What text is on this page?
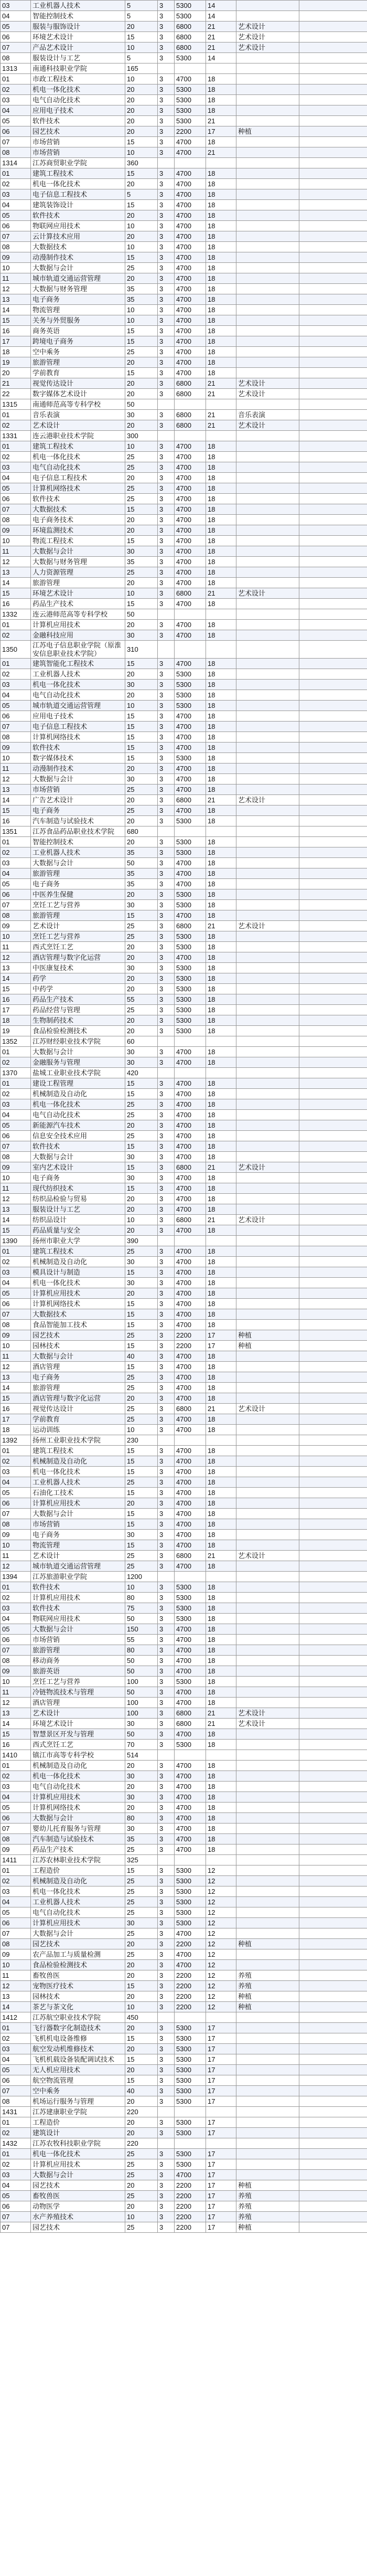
03	工业机器人技术	5	3	5300	14		
04	智能控制技术	5	3	5300	14		
05	服装与服饰设计	20	3	6800	21	艺术设计	
06	环境艺术设计	15	3	6800	21	艺术设计	
07	产品艺术设计	10	3	6800	21	艺术设计	
08	服装设计与工艺	5	3	5300	14		
1313	南通科技职业学院	165					
01	市政工程技术	10	3	4700	18		
02	机电一体化技术	20	3	5300	18		
03	电气自动化技术	20	3	5300	18		
04	应用电子技术	20	3	5300	18		
05	软件技术	20	3	5300	21		
06	园艺技术	20	3	2200	17	种植	
07	市场营销	15	3	4700	18		
08	市场营销	10	3	4700	21		
1314	江苏商贸职业学院	360					
01	建筑工程技术	15	3	4700	18		
02	机电一体化技术	20	3	4700	18		
03	电子信息工程技术	5	3	4700	18		
04	建筑装饰设计	15	3	4700	18		
05	软件技术	20	3	4700	18		
06	物联网应用技术	10	3	4700	18		
07	云计算技术应用	20	3	4700	18		
08	大数据技术	10	3	4700	18		
09	动漫制作技术	15	3	4700	18		
10	大数据与会计	25	3	4700	18		
11	城市轨道交通运营管理	20	3	4700	18		
12	大数据与财务管理	35	3	4700	18		
13	电子商务	35	3	4700	18		
14	物流管理	10	3	4700	18		
15	关务与外贸服务	10	3	4700	18		
16	商务英语	15	3	4700	18		
17	跨境电子商务	15	3	4700	18		
18	空中乘务	25	3	4700	18		
19	旅游管理	20	3	4700	18		
20	学前教育	15	3	4700	18		
21	视觉传达设计	20	3	6800	21	艺术设计	
22	数字媒体艺术设计	20	3	6800	21	艺术设计	
1315	南通师范高等专科学校	50					
01	音乐表演	30	3	6800	21	音乐表演	
02	艺术设计	20	3	6800	21	艺术设计	
1331	连云港职业技术学院	300					
01	建筑工程技术	10	3	4700	18		
02	机电一体化技术	25	3	4700	18		
03	电气自动化技术	25	3	4700	18		
04	电子信息工程技术	20	3	4700	18		
05	计算机网络技术	25	3	4700	18		
06	软件技术	25	3	4700	18		
07	大数据技术	15	3	4700	18		
08	电子商务技术	20	3	4700	18		
09	环境监测技术	20	3	4700	18		
10	物流工程技术	15	3	4700	18		
11	大数据与会计	30	3	4700	18		
12	大数据与财务管理	35	3	4700	18		
13	人力资源管理	25	3	4700	18		
14	旅游管理	20	3	4700	18		
15	环境艺术设计	10	3	6800	21	艺术设计	
16	药品生产技术	15	3	4700	18		
1332	连云港师范高等专科学校	50					
01	计算机应用技术	20	3	4700	18		
02	金融科技应用	30	3	4700	18		
1350	江苏电子信息职业学院（原淮安信息职业技术学院）	310					
01	建筑智能化工程技术	15	3	4700	18		
02	工业机器人技术	20	3	5300	18		
03	机电一体化技术	30	3	5300	18		
04	电气自动化技术	20	3	5300	18		
05	城市轨道交通运营管理	10	3	5300	18		
06	应用电子技术	15	3	4700	18		
07	电子信息工程技术	15	3	4700	18		
08	计算机网络技术	15	3	4700	18		
09	软件技术	15	3	4700	18		
10	数字媒体技术	15	3	5300	18		
11	动漫制作技术	20	3	4700	18		
12	大数据与会计	30	3	4700	18		
13	市场营销	25	3	4700	18		
14	广告艺术设计	20	3	6800	21	艺术设计	
15	电子商务	25	3	4700	18		
16	汽车制造与试验技术	20	3	5300	18		
1351	江苏食品药品职业技术学院	680					
01	智能控制技术	20	3	5300	18		
02	工业机器人技术	35	3	5300	18		
03	大数据与会计	50	3	4700	18		
04	旅游管理	35	3	4700	18		
05	电子商务	35	3	4700	18		
06	中医养生保健	20	3	5300	18		
07	烹饪工艺与营养	30	3	5300	18		
08	旅游管理	15	3	4700	18		
09	艺术设计	25	3	6800	21	艺术设计	
10	烹饪工艺与营养	25	3	5300	18		
11	西式烹饪工艺	20	3	5300	18		
12	酒店管理与数字化运营	20	3	4700	18		
13	中医康复技术	30	3	5300	18		
14	药学	20	3	5300	18		
15	中药学	20	3	5300	18		
16	药品生产技术	55	3	5300	18		
17	药品经营与管理	25	3	5300	18		
18	生物制药技术	20	3	5300	18		
19	食品检验检测技术	20	3	5300	18		
1352	江苏财经职业技术学院	60					
01	大数据与会计	30	3	4700	18		
02	金融服务与管理	30	3	4700	18		
1370	盐城工业职业技术学院	420					
01	建设工程管理	15	3	4700	18		
02	机械制造及自动化	15	3	4700	18		
03	机电一体化技术	25	3	4700	18		
04	电气自动化技术	25	3	4700	18		
05	新能源汽车技术	20	3	4700	18		
06	信息安全技术应用	25	3	4700	18		
07	软件技术	15	3	4700	18		
08	大数据与会计	30	3	4700	18		
09	室内艺术设计	15	3	6800	21	艺术设计	
10	电子商务	30	3	4700	18		
11	现代纺织技术	15	3	4700	18		
12	纺织品检验与贸易	20	3	4700	18		
13	服装设计与工艺	20	3	4700	18		
14	纺织品设计	10	3	6800	21	艺术设计	
15	药品质量与安全	20	3	4700	18		
1390	扬州市职业大学	390					
01	建筑工程技术	25	3	4700	18		
02	机械制造及自动化	30	3	4700	18		
03	模具设计与制造	15	3	4700	18		
04	机电一体化技术	30	3	4700	18		
05	计算机应用技术	20	3	4700	18		
06	计算机网络技术	15	3	4700	18		
07	大数据技术	15	3	4700	18		
08	食品智能加工技术	15	3	4700	18		
09	园艺技术	25	3	2200	17	种植	
10	园林技术	15	3	2200	17	种植	
11	大数据与会计	40	3	4700	18		
12	酒店管理	15	3	4700	18		
13	电子商务	25	3	4700	18		
14	旅游管理	25	3	4700	18		
15	酒店管理与数字化运营	20	3	4700	18		
16	视觉传达设计	25	3	6800	21	艺术设计	
17	学前教育	25	3	4700	18		
18	运动训练	10	3	4700	18		
1392	扬州工业职业技术学院	230					
01	建筑工程技术	15	3	4700	18		
02	机械制造及自动化	15	3	4700	18		
03	机电一体化技术	15	3	4700	18		
04	工业机器人技术	25	3	4700	18		
05	石油化工技术	15	3	4700	18		
06	计算机应用技术	20	3	4700	18		
07	大数据与会计	15	3	4700	18		
08	市场营销	15	3	4700	18		
09	电子商务	30	3	4700	18		
10	物流管理	15	3	4700	18		
11	艺术设计	25	3	6800	21	艺术设计	
12	城市轨道交通运营管理	25	3	4700	18		
1394	江苏旅游职业学院	1200					
01	软件技术	10	3	5300	18		
02	计算机应用技术	80	3	5300	18		
03	软件技术	75	3	5300	18		
04	物联网应用技术	50	3	5300	18		
05	大数据与会计	150	3	4700	18		
06	市场营销	55	3	4700	18		
07	旅游管理	80	3	4700	18		
08	移动商务	50	3	4700	18		
09	旅游英语	50	3	4700	18		
10	烹饪工艺与营养	100	3	5300	18		
11	冷链物流技术与管理	50	3	4700	18		
12	酒店管理	100	3	4700	18		
13	艺术设计	100	3	6800	21	艺术设计	
14	环境艺术设计	30	3	6800	21	艺术设计	
15	智慧景区开发与管理	50	3	4700	18		
16	西式烹饪工艺	70	3	5300	18		
1410	镇江市高等专科学校	514					
01	机械制造及自动化	20	3	4700	18		
02	机电一体化技术	30	3	4700	18		
03	电气自动化技术	20	3	4700	18		
04	计算机应用技术	30	3	4700	18		
05	计算机网络技术	20	3	4700	18		
06	大数据与会计	80	3	4700	18		
07	婴幼儿托育服务与管理	30	3	4700	18		
08	汽车制造与试验技术	35	3	4700	18		
09	药品生产技术	25	3	4700	18		
1411	江苏农林职业技术学院	325					
01	工程造价	15	3	5300	12		
02	机械制造及自动化	25	3	5300	12		
03	机电一体化技术	25	3	5300	12		
04	工业机器人技术	25	3	5300	12		
05	电气自动化技术	25	3	5300	12		
06	计算机应用技术	30	3	5300	12		
07	大数据与会计	25	3	4700	12		
08	园艺技术	20	3	2200	12	种植	
09	农产品加工与质量检测	25	3	4700	12		
10	食品检验检测技术	20	3	4700	12		
11	畜牧兽医	20	3	2200	12	养殖	
12	宠物医疗技术	15	3	2200	12	养殖	
13	园林技术	20	3	2200	12	种植	
14	茶艺与茶文化	10	3	2200	12	种植	
1412	江苏航空职业技术学院	450					
01	飞行器数字化制造技术	20	3	5300	17		
02	飞机机电设备维修	15	3	5300	17		
03	航空发动机维修技术	20	3	5300	17		
04	飞机机载设备装配调试技术	15	3	5300	17		
05	无人机应用技术	20	3	5300	17		
06	航空物流管理	15	3	5300	17		
07	空中乘务	40	3	5300	17		
08	机场运行服务与管理	20	3	5300	17		
1431	江苏建康职业学院	220					
01	工程造价	20	3	5300	17		
02	建筑设计	20	3	5300	17		
1432	江苏农牧科技职业学院	220					
01	机电一体化技术	25	3	5300	17		
02	计算机应用技术	25	3	5300	17		
03	大数据与会计	25	3	4700	17		
04	园艺技术	20	3	2200	17	种植	
05	畜牧兽医	25	3	2200	17	养殖	
06	动物医学	20	3	2200	17	养殖	
07	水产养殖技术	10	3	2200	17	养殖	
07	园艺技术	25	3	2200	17	种植	
